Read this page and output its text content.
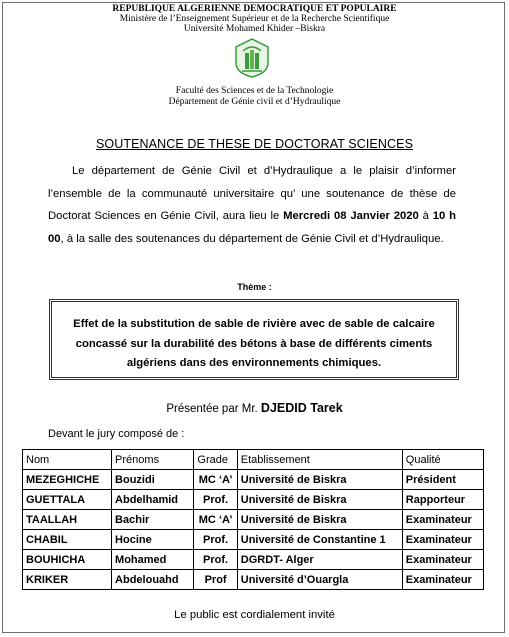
REPUBLIQUE ALGERIENNE DEMOCRATIQUE ET POPULAIRE
Ministère de l’Enseignement Supérieur et de la Recherche Scientifique
Université Mohamed Khider –Biskra
Faculté des Sciences et de la Technologie
Département de Génie civil et d’Hydraulique
SOUTENANCE DE THESE DE DOCTORAT SCIENCES
Le département de Génie Civil et d’Hydraulique a le plaisir d’informer l’ensemble de la communauté universitaire qu’ une soutenance de thèse de Doctorat Sciences en Génie Civil, aura lieu le Mercredi 08 Janvier 2020 à 10 h 00, à la salle des soutenances du département de Génie Civil et d’Hydraulique.
Thème :
Effet de la substitution de sable de rivière avec de sable de calcaire concassé sur la durabilité des bétons à base de différents ciments algériens dans des environnements chimiques.
Présentée par Mr. DJEDID Tarek
Devant le jury composé de :
Nom	Prénoms	Grade	Etablissement	Qualité
MEZEGHICHE	Bouzidi	MC ‘A’	Université de Biskra	Président
GUETTALA	Abdelhamid	Prof.	Université de Biskra	Rapporteur
TAALLAH	Bachir	MC ‘A’	Université de Biskra	Examinateur
CHABIL	Hocine	Prof.	Université de Constantine 1	Examinateur
BOUHICHA	Mohamed	Prof.	DGRDT- Alger	Examinateur
KRIKER	Abdelouahd	Prof	Université d’Ouargla	Examinateur
Le public est cordialement invité
